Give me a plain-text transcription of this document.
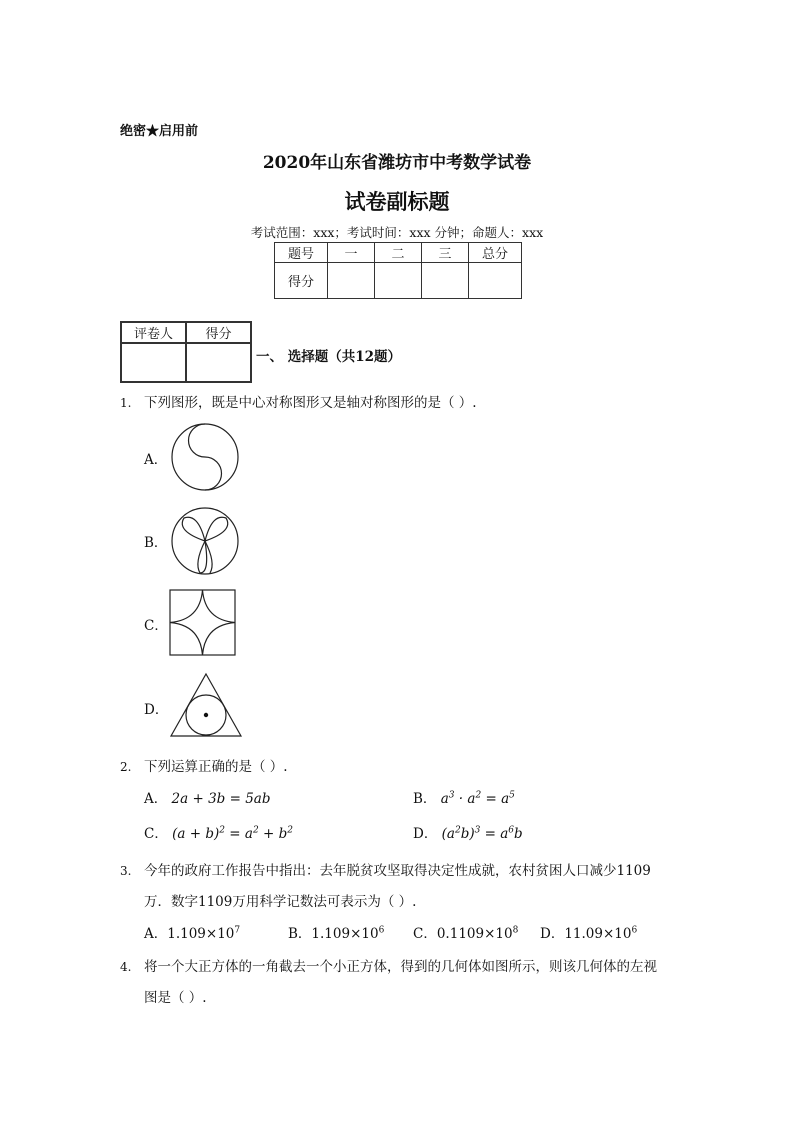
绝密★启用前
2020年山东省潍坊市中考数学试卷
试卷副标题
考试范围：xxx；考试时间：xxx 分钟；命题人：xxx
题号	一	二	三	总分
得分				
评卷人	得分

一、 选择题（共12题）
1. 下列图形，既是中心对称图形又是轴对称图形的是（ ）.
A．
B．
C．
D．
2. 下列运算正确的是（ ）.
A． 2a + 3b = 5ab	B． $a^3 \cdot a^2 = a^5$
C． $(a + b)^2 = a^2 + b^2$	D． $(a^2b)^3 = a^6b$
3. 今年的政府工作报告中指出：去年脱贫攻坚取得决定性成就，农村贫困人口减少1109
万．数字1109万用科学记数法可表示为（ ）.
A．$1.109\times 10^7$	B．$1.109\times 10^6$ C．$0.1109\times 10^8$ D．$11.09\times 10^6$
4. 将一个大正方体的一角截去一个小正方体，得到的几何体如图所示，则该几何体的左视
图是（ ）.
